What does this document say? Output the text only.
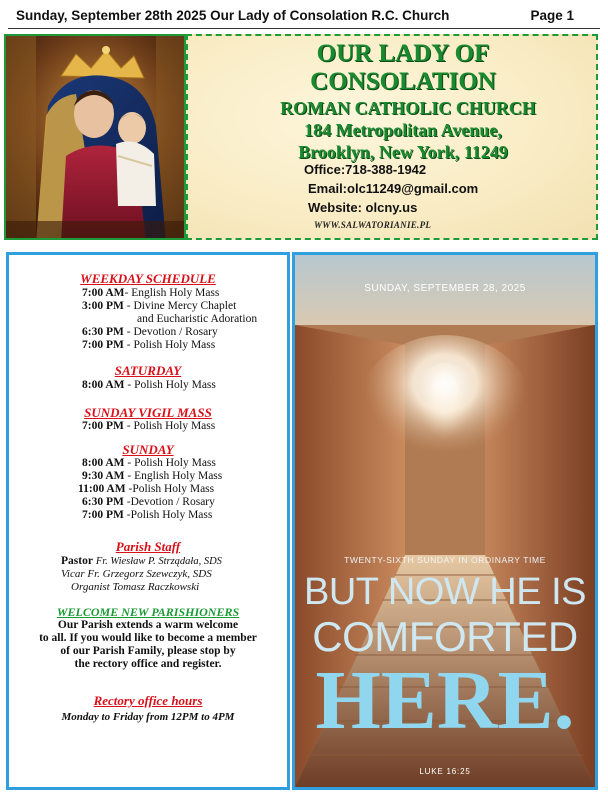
Sunday, September 28th 2025 Our Lady of Consolation R.C. Church	Page 1
OUR LADY OF
CONSOLATION
ROMAN CATHOLIC CHURCH
184 Metropolitan Avenue,
Brooklyn, New York, 11249
Office:718-388-1942
Email:olc11249@gmail.com
Website: olcny.us
WWW.SALWATORIANIE.PL
WEEKDAY SCHEDULE
7:00 AM- English Holy Mass
3:00 PM - Divine Mercy Chaplet
and Eucharistic Adoration
6:30 PM - Devotion / Rosary
7:00 PM - Polish Holy Mass
SATURDAY
8:00 AM - Polish Holy Mass
SUNDAY VIGIL MASS
7:00 PM - Polish Holy Mass
SUNDAY
8:00 AM - Polish Holy Mass
9:30 AM - English Holy Mass
11:00 AM -Polish Holy Mass
6:30 PM -Devotion / Rosary
7:00 PM -Polish Holy Mass
Parish Staff
Pastor Fr. Wiesław P. Strządała, SDS
Vicar Fr. Grzegorz Szewczyk, SDS
Organist Tomasz Raczkowski
WELCOME NEW PARISHIONERS
Our Parish extends a warm welcome
to all. If you would like to become a member
of our Parish Family, please stop by
the rectory office and register.
Rectory office hours
Monday to Friday from 12PM to 4PM
SUNDAY, SEPTEMBER 28, 2025
TWENTY-SIXTH SUNDAY IN ORDINARY TIME
BUT NOW HE IS
COMFORTED
HERE.
LUKE 16:25
